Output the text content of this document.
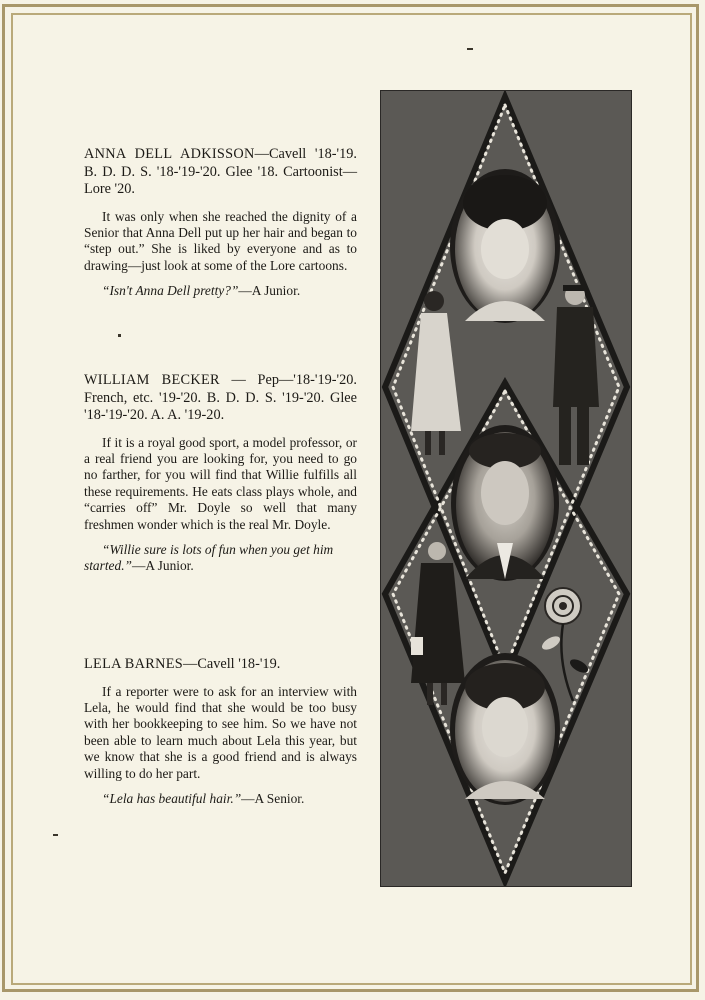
ANNA DELL ADKISSON—Cavell '18-'19. B. D. D. S. '18-'19-'20. Glee '18. Cartoonist—Lore '20.

It was only when she reached the dignity of a Senior that Anna Dell put up her hair and began to “step out.” She is liked by everyone and as to drawing—just look at some of the Lore cartoons.

“Isn't Anna Dell pretty?”—A Junior.

WILLIAM BECKER — Pep—'18-'19-'20. French, etc. '19-'20. B. D. D. S. '19-'20. Glee '18-'19-'20. A. A. '19-20.

If it is a royal good sport, a model professor, or a real friend you are looking for, you need to go no farther, for you will find that Willie fulfills all these requirements. He eats class plays whole, and “carries off” Mr. Doyle so well that many freshmen wonder which is the real Mr. Doyle.

“Willie sure is lots of fun when you get him started.”—A Junior.

LELA BARNES—Cavell '18-'19.

If a reporter were to ask for an interview with Lela, he would find that she would be too busy with her bookkeeping to see him. So we have not been able to learn much about Lela this year, but we know that she is a good friend and is always willing to do her part.

“Lela has beautiful hair.”—A Senior.
